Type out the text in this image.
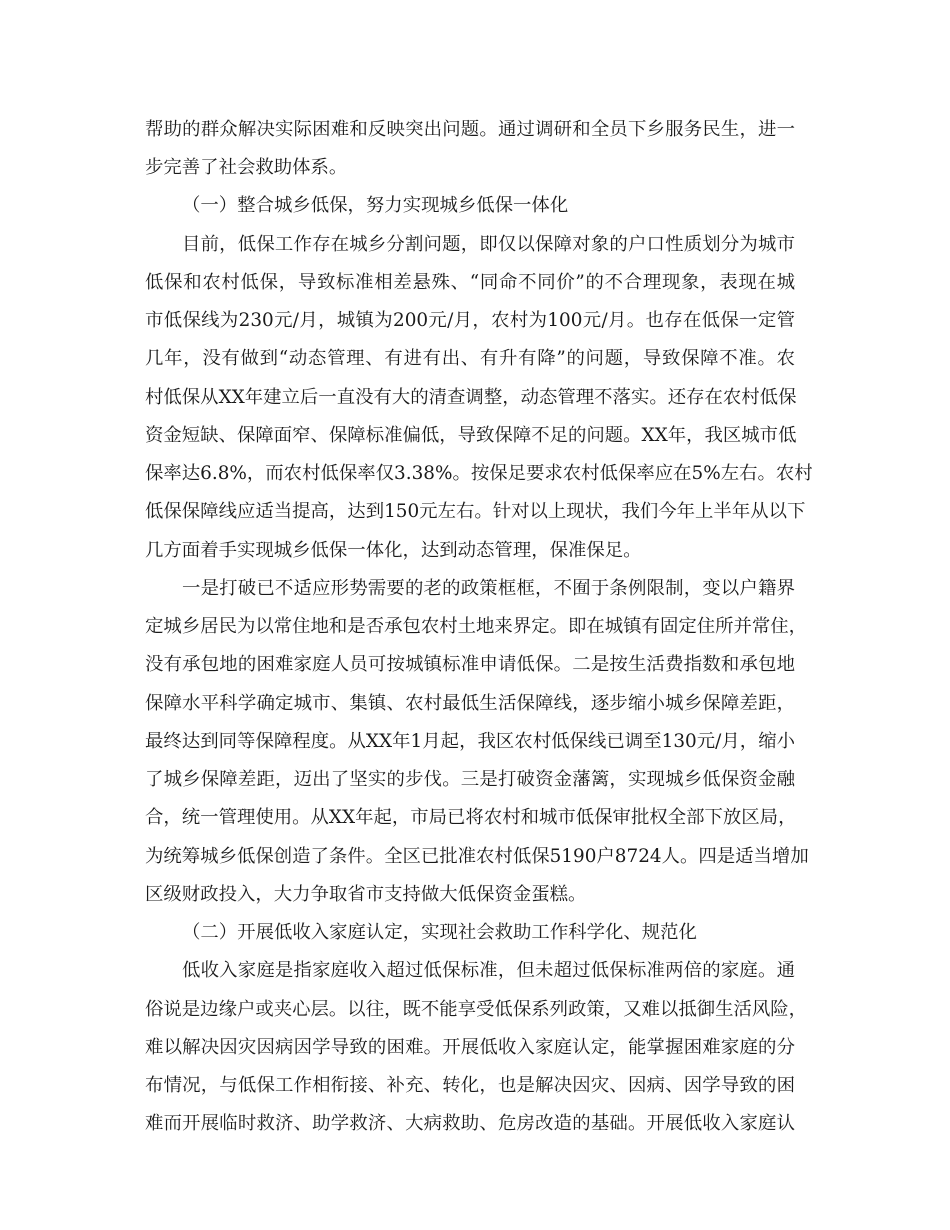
帮助的群众解决实际困难和反映突出问题。通过调研和全员下乡服务民生，进一
步完善了社会救助体系。
（一）整合城乡低保，努力实现城乡低保一体化
目前，低保工作存在城乡分割问题，即仅以保障对象的户口性质划分为城市
低保和农村低保，导致标准相差悬殊、“同命不同价”的不合理现象，表现在城
市低保线为230元/月，城镇为200元/月，农村为100元/月。也存在低保一定管
几年，没有做到“动态管理、有进有出、有升有降”的问题，导致保障不准。农
村低保从XX年建立后一直没有大的清查调整，动态管理不落实。还存在农村低保
资金短缺、保障面窄、保障标准偏低，导致保障不足的问题。XX年，我区城市低
保率达6.8%，而农村低保率仅3.38%。按保足要求农村低保率应在5%左右。农村
低保保障线应适当提高，达到150元左右。针对以上现状，我们今年上半年从以下
几方面着手实现城乡低保一体化，达到动态管理，保准保足。
一是打破已不适应形势需要的老的政策框框，不囿于条例限制，变以户籍界
定城乡居民为以常住地和是否承包农村土地来界定。即在城镇有固定住所并常住，
没有承包地的困难家庭人员可按城镇标准申请低保。二是按生活费指数和承包地
保障水平科学确定城市、集镇、农村最低生活保障线，逐步缩小城乡保障差距，
最终达到同等保障程度。从XX年1月起，我区农村低保线已调至130元/月，缩小
了城乡保障差距，迈出了坚实的步伐。三是打破资金藩篱，实现城乡低保资金融
合，统一管理使用。从XX年起，市局已将农村和城市低保审批权全部下放区局，
为统筹城乡低保创造了条件。全区已批准农村低保5190户8724人。四是适当增加
区级财政投入，大力争取省市支持做大低保资金蛋糕。
（二）开展低收入家庭认定，实现社会救助工作科学化、规范化
低收入家庭是指家庭收入超过低保标准，但未超过低保标准两倍的家庭。通
俗说是边缘户或夹心层。以往，既不能享受低保系列政策，又难以抵御生活风险，
难以解决因灾因病因学导致的困难。开展低收入家庭认定，能掌握困难家庭的分
布情况，与低保工作相衔接、补充、转化，也是解决因灾、因病、因学导致的困
难而开展临时救济、助学救济、大病救助、危房改造的基础。开展低收入家庭认
